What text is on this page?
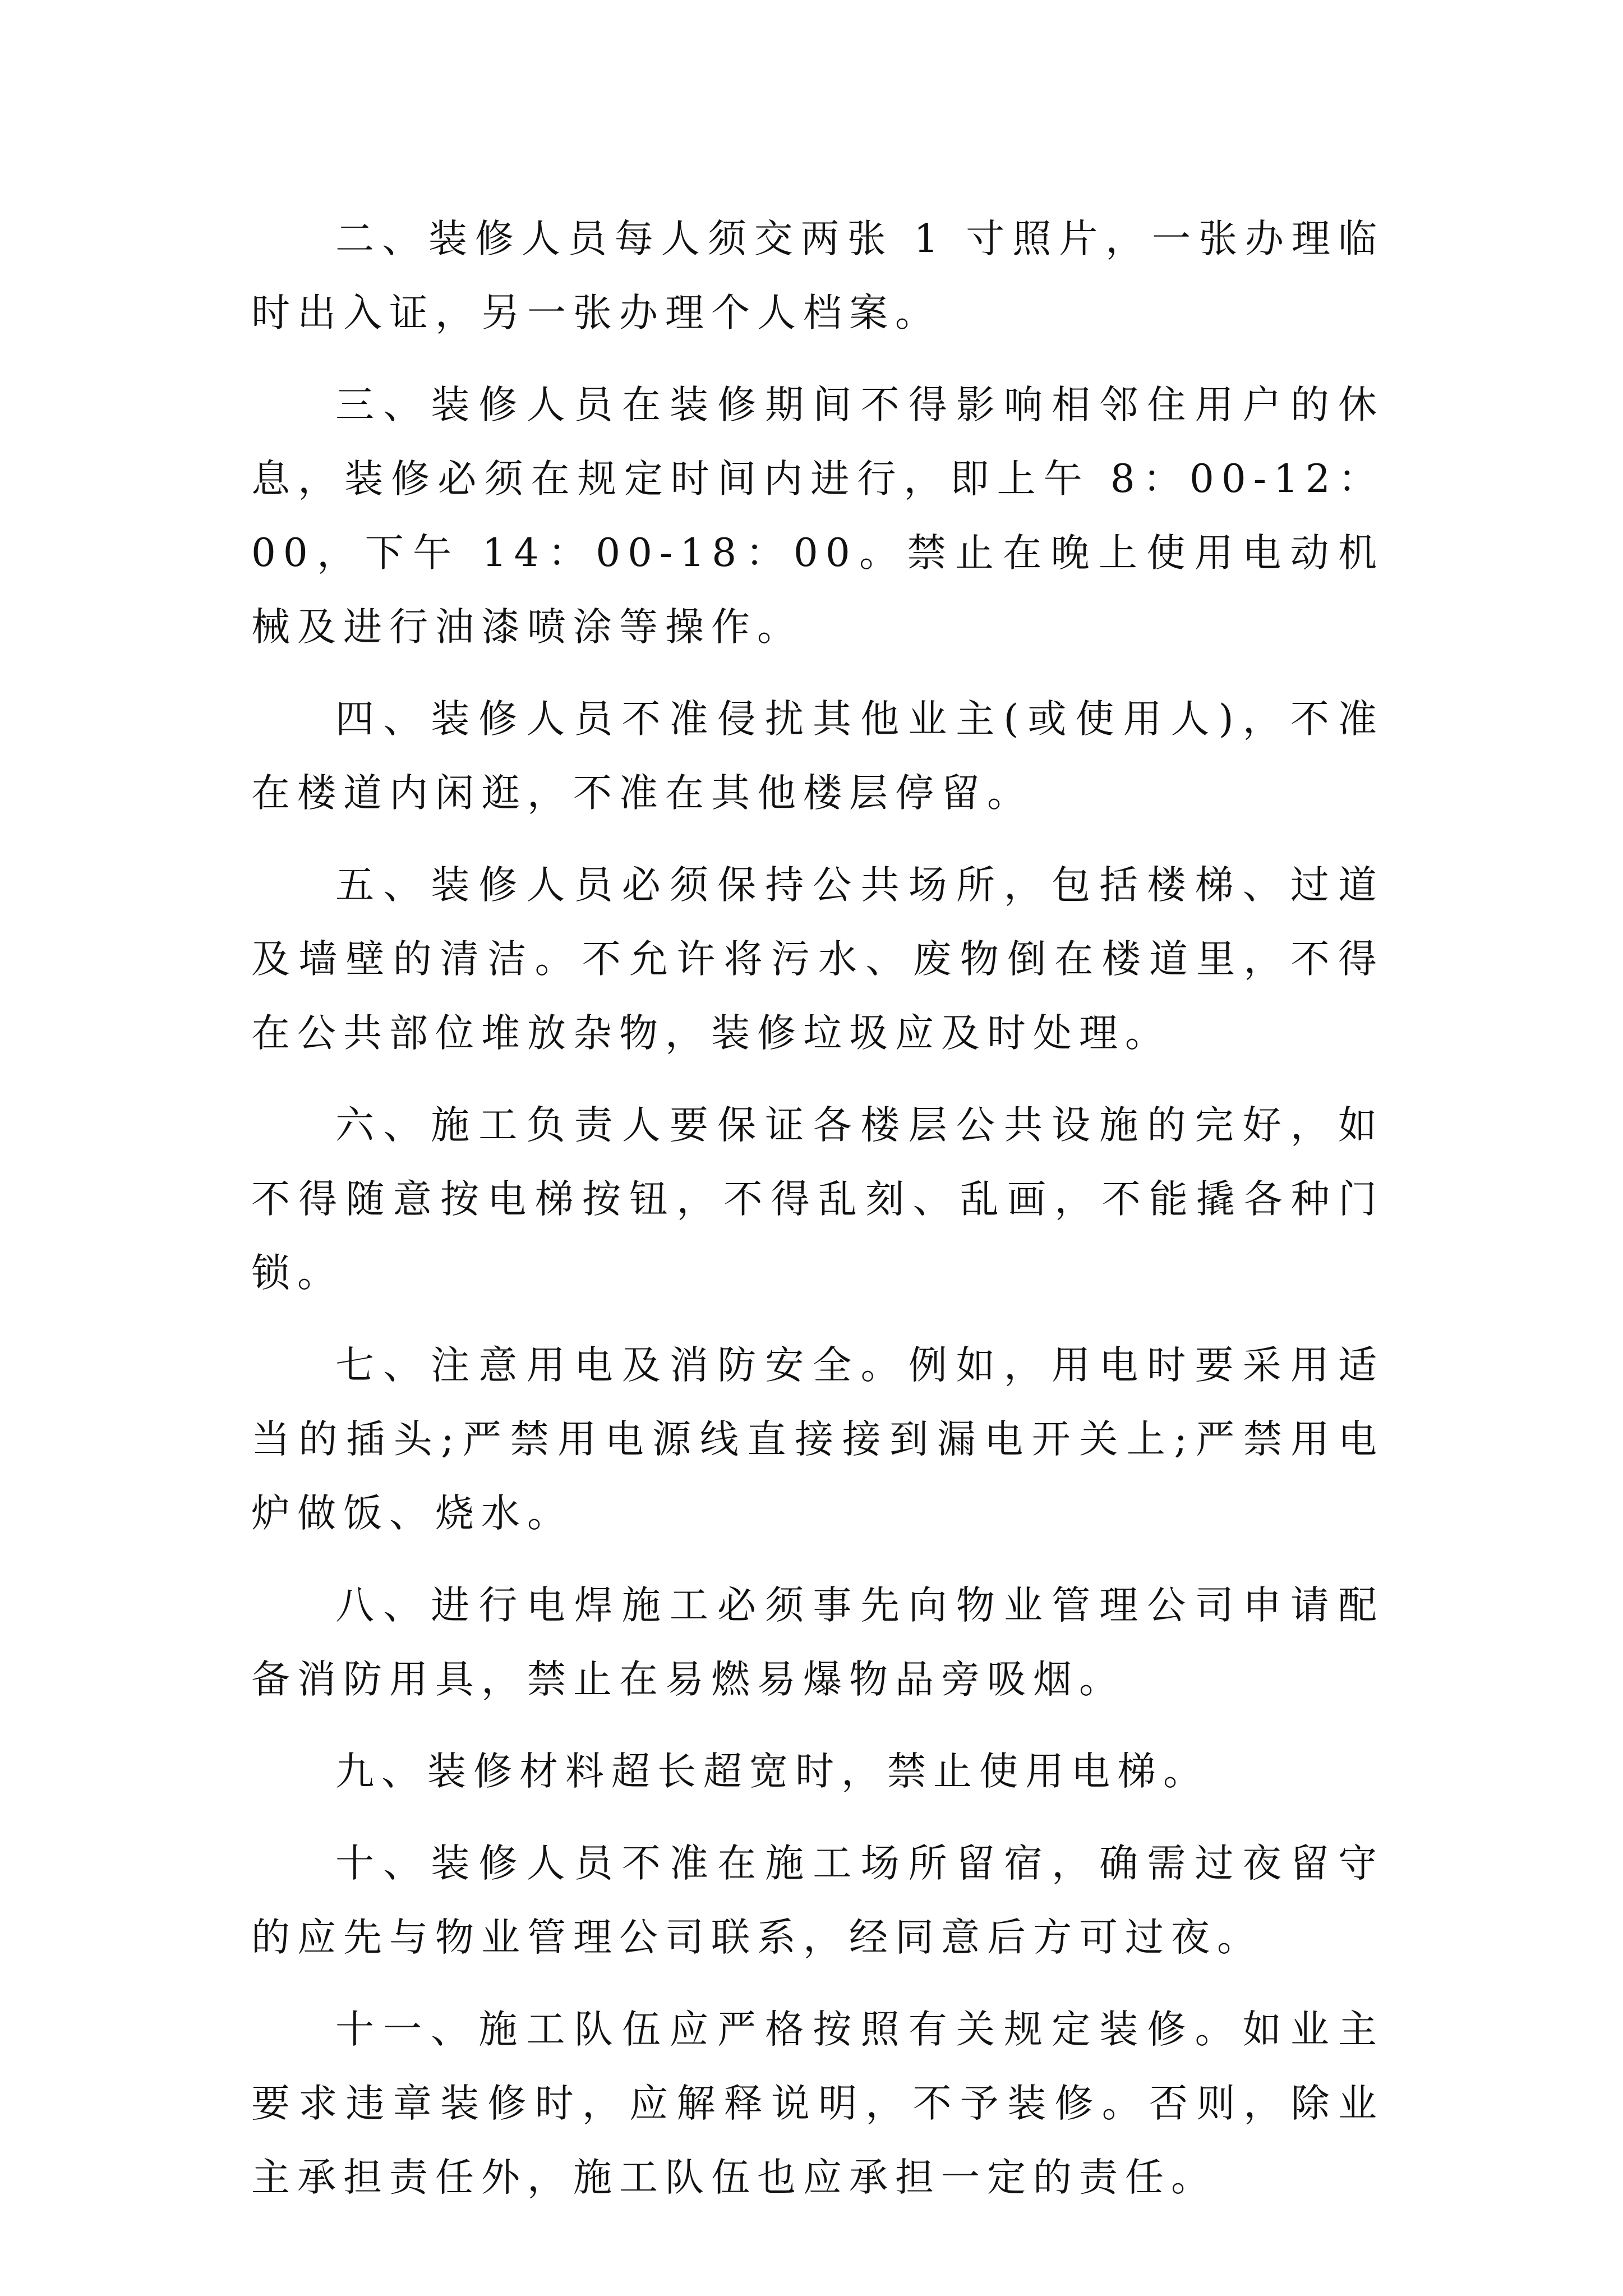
二、装修人员每人须交两张 1 寸照片，一张办理临时出入证，另一张办理个人档案。

三、装修人员在装修期间不得影响相邻住用户的休息，装修必须在规定时间内进行，即上午 8：00-12：00，下午 14：00-18：00。禁止在晚上使用电动机械及进行油漆喷涂等操作。

四、装修人员不准侵扰其他业主(或使用人)，不准在楼道内闲逛，不准在其他楼层停留。

五、装修人员必须保持公共场所，包括楼梯、过道及墙壁的清洁。不允许将污水、废物倒在楼道里，不得在公共部位堆放杂物，装修垃圾应及时处理。

六、施工负责人要保证各楼层公共设施的完好，如不得随意按电梯按钮，不得乱刻、乱画，不能撬各种门锁。

七、注意用电及消防安全。例如，用电时要采用适当的插头;严禁用电源线直接接到漏电开关上;严禁用电炉做饭、烧水。

八、进行电焊施工必须事先向物业管理公司申请配备消防用具，禁止在易燃易爆物品旁吸烟。

九、装修材料超长超宽时，禁止使用电梯。

十、装修人员不准在施工场所留宿，确需过夜留守的应先与物业管理公司联系，经同意后方可过夜。

十一、施工队伍应严格按照有关规定装修。如业主要求违章装修时，应解释说明，不予装修。否则，除业主承担责任外，施工队伍也应承担一定的责任。
